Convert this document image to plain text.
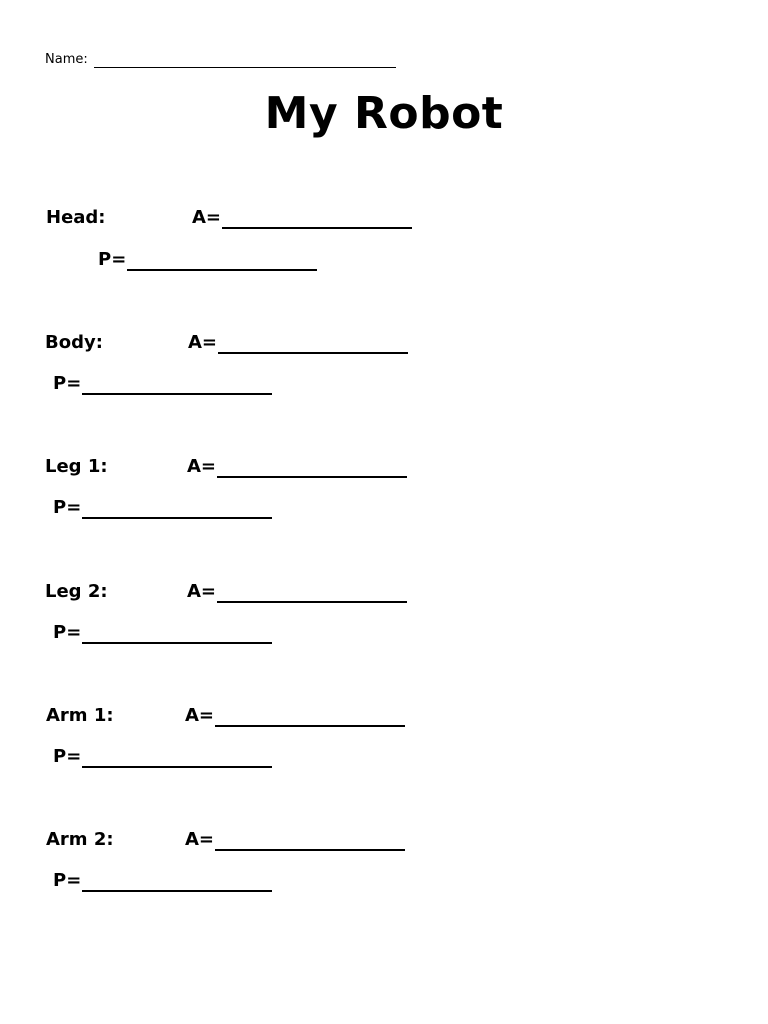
Name:
My Robot
Head:	A=
P=
Body:	A=
P=
Leg 1:	A=
P=
Leg 2:	A=
P=
Arm 1:	A=
P=
Arm 2:	A=
P=
